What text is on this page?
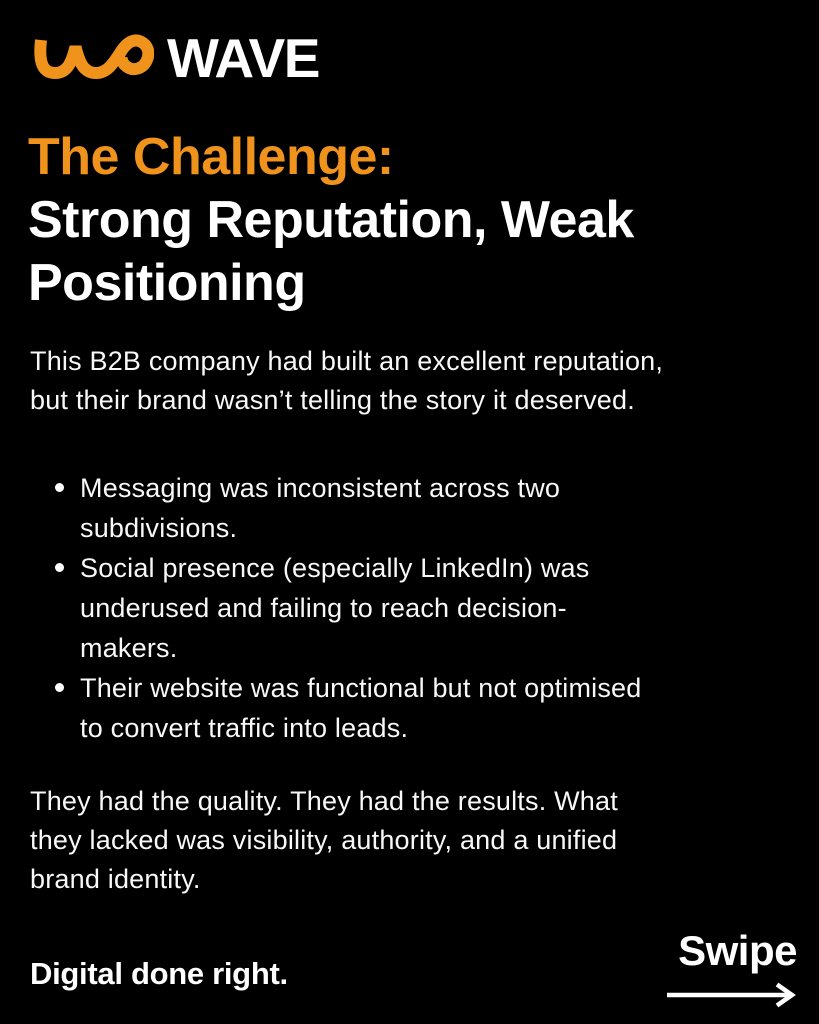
WAVE
The Challenge:
Strong Reputation, Weak
Positioning

This B2B company had built an excellent reputation,
but their brand wasn’t telling the story it deserved.

Messaging was inconsistent across two
subdivisions.
Social presence (especially LinkedIn) was
underused and failing to reach decision-
makers.
Their website was functional but not optimised
to convert traffic into leads.

They had the quality. They had the results. What
they lacked was visibility, authority, and a unified
brand identity.

Digital done right.	Swipe
